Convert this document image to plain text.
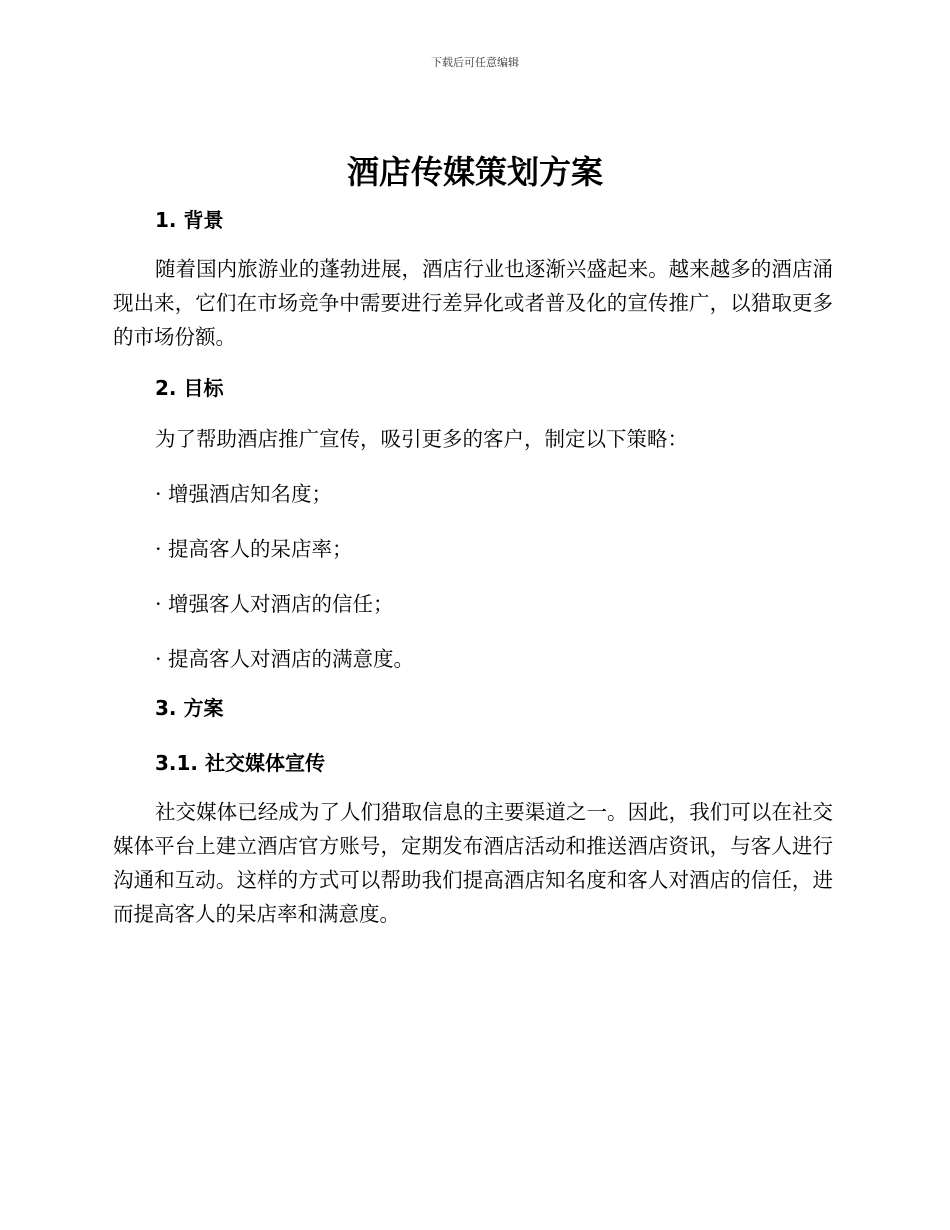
下载后可任意编辑
酒店传媒策划方案
1. 背景

随着国内旅游业的蓬勃进展，酒店行业也逐渐兴盛起来。越来越多的酒店涌现出来，它们在市场竞争中需要进行差异化或者普及化的宣传推广，以猎取更多的市场份额。

2. 目标

为了帮助酒店推广宣传，吸引更多的客户，制定以下策略：

· 增强酒店知名度；

· 提高客人的呆店率；

· 增强客人对酒店的信任；

· 提高客人对酒店的满意度。

3. 方案
3.1. 社交媒体宣传

社交媒体已经成为了人们猎取信息的主要渠道之一。因此，我们可以在社交媒体平台上建立酒店官方账号，定期发布酒店活动和推送酒店资讯，与客人进行沟通和互动。这样的方式可以帮助我们提高酒店知名度和客人对酒店的信任，进而提高客人的呆店率和满意度。
